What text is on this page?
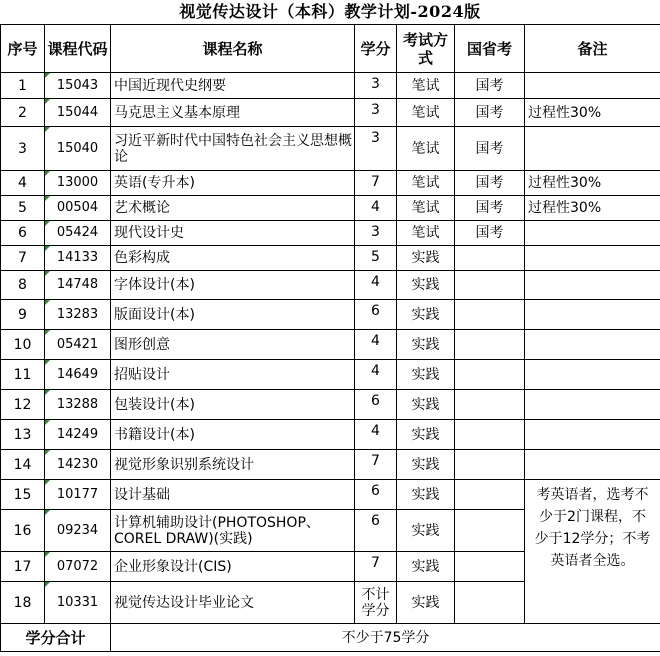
视觉传达设计（本科）教学计划-2024版
序号	课程代码	课程名称	学分	考试方式	国省考	备注
1	15043	中国近现代史纲要	3	笔试	国考	
2	15044	马克思主义基本原理	3	笔试	国考	过程性30%
3	15040	习近平新时代中国特色社会主义思想概论	3	笔试	国考	
4	13000	英语(专升本)	7	笔试	国考	过程性30%
5	00504	艺术概论	4	笔试	国考	过程性30%
6	05424	现代设计史	3	笔试	国考	
7	14133	色彩构成	5	实践		
8	14748	字体设计(本)	4	实践		
9	13283	版面设计(本)	6	实践		
10	05421	图形创意	4	实践		
11	14649	招贴设计	4	实践		
12	13288	包装设计(本)	6	实践		
13	14249	书籍设计(本)	4	实践		
14	14230	视觉形象识别系统设计	7	实践		
15	10177	设计基础	6	实践		考英语者，选考不少于2门课程，不少于12学分；不考英语者全选。
16	09234	计算机辅助设计(PHOTOSHOP、COREL DRAW)(实践)	6	实践		
17	07072	企业形象设计(CIS)	7	实践		
18	10331	视觉传达设计毕业论文	不计学分	实践		
学分合计		不少于75学分				
